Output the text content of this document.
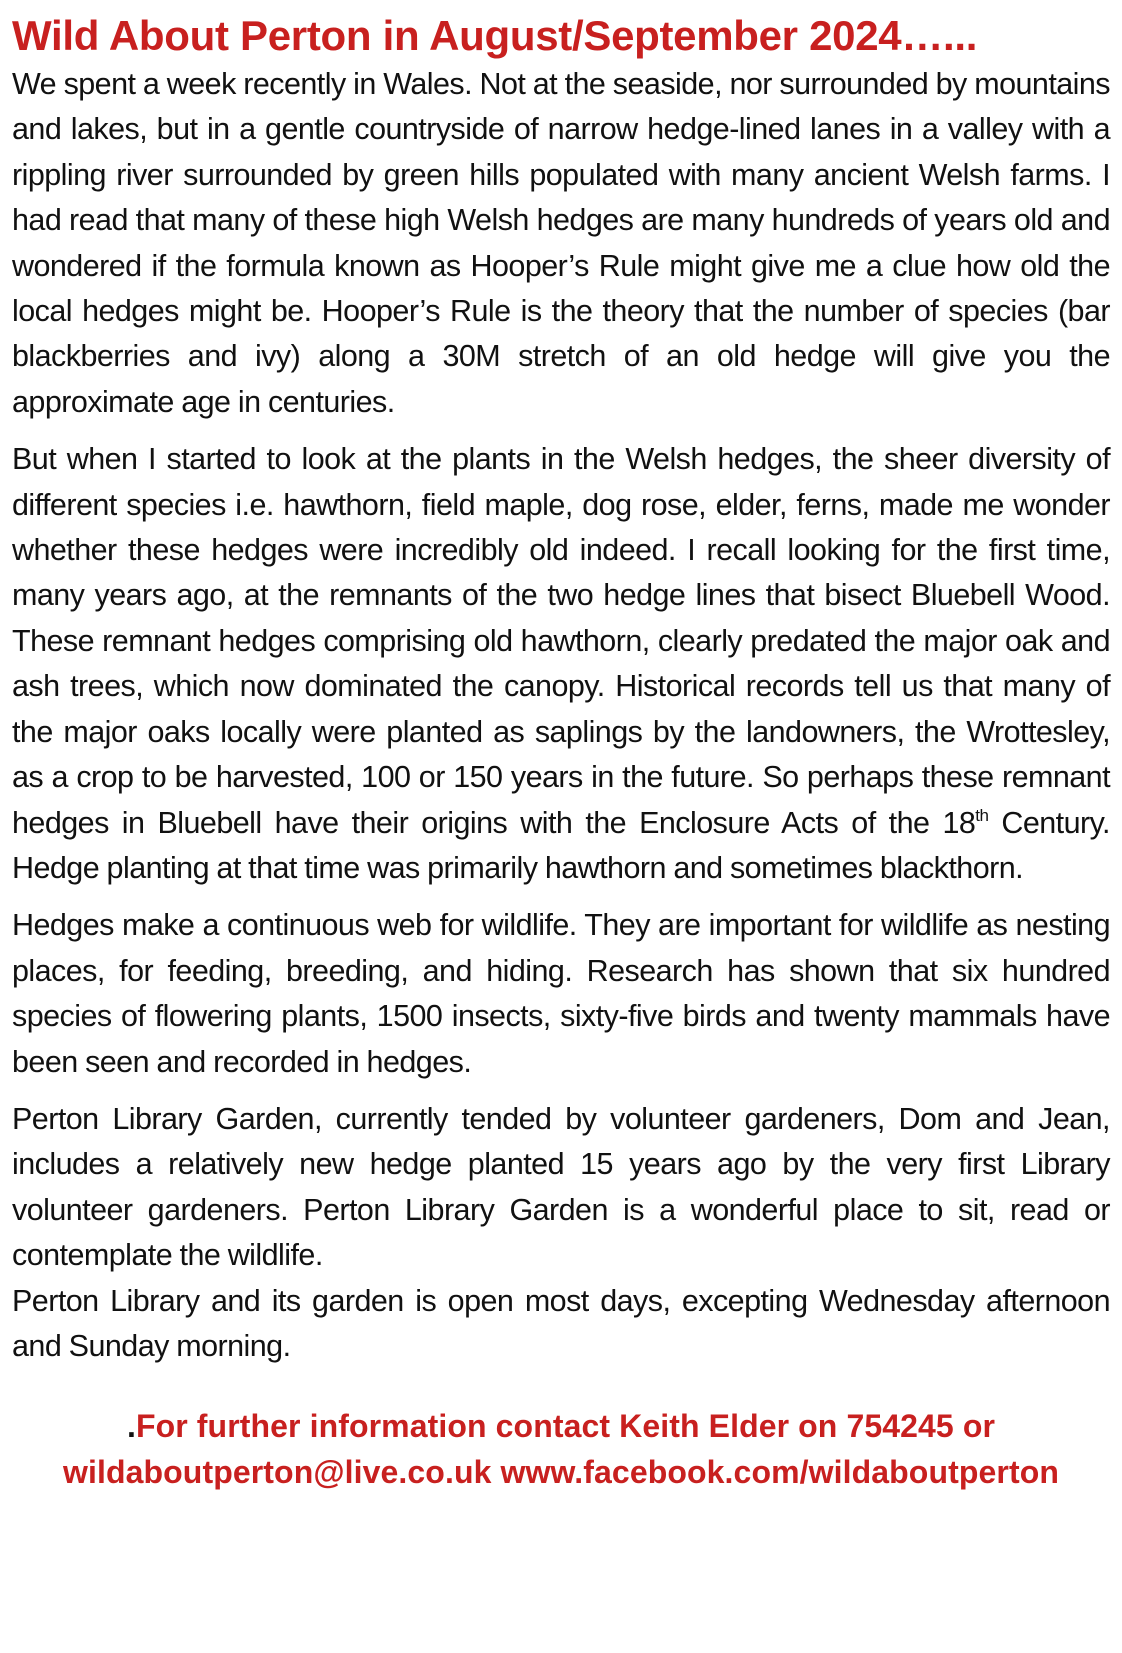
Wild About Perton in August/September 2024…...

We spent a week recently in Wales. Not at the seaside, nor surrounded by mountains and lakes, but in a gentle countryside of narrow hedge-lined lanes in a valley with a rippling river surrounded by green hills populated with many ancient Welsh farms. I had read that many of these high Welsh hedges are many hundreds of years old and wondered if the formula known as Hooper’s Rule might give me a clue how old the local hedges might be. Hooper’s Rule is the theory that the number of species (bar blackberries and ivy) along a 30M stretch of an old hedge will give you the approximate age in centuries.

But when I started to look at the plants in the Welsh hedges, the sheer diversity of different species i.e. hawthorn, field maple, dog rose, elder, ferns, made me wonder whether these hedges were incredibly old indeed. I recall looking for the first time, many years ago, at the remnants of the two hedge lines that bisect Bluebell Wood. These remnant hedges comprising old hawthorn, clearly predated the major oak and ash trees, which now dominated the canopy. Historical records tell us that many of the major oaks locally were planted as saplings by the landowners, the Wrottesley, as a crop to be harvested, 100 or 150 years in the future. So perhaps these remnant hedges in Bluebell have their origins with the Enclosure Acts of the 18th Century. Hedge planting at that time was primarily hawthorn and sometimes blackthorn.

Hedges make a continuous web for wildlife. They are important for wildlife as nesting places, for feeding, breeding, and hiding. Research has shown that six hundred species of flowering plants, 1500 insects, sixty-five birds and twenty mammals have been seen and recorded in hedges.

Perton Library Garden, currently tended by volunteer gardeners, Dom and Jean, includes a relatively new hedge planted 15 years ago by the very first Library volunteer gardeners. Perton Library Garden is a wonderful place to sit, read or contemplate the wildlife.

Perton Library and its garden is open most days, excepting Wednesday afternoon and Sunday morning.

.For further information contact Keith Elder on 754245 or
wildaboutperton@live.co.uk www.facebook.com/wildaboutperton
